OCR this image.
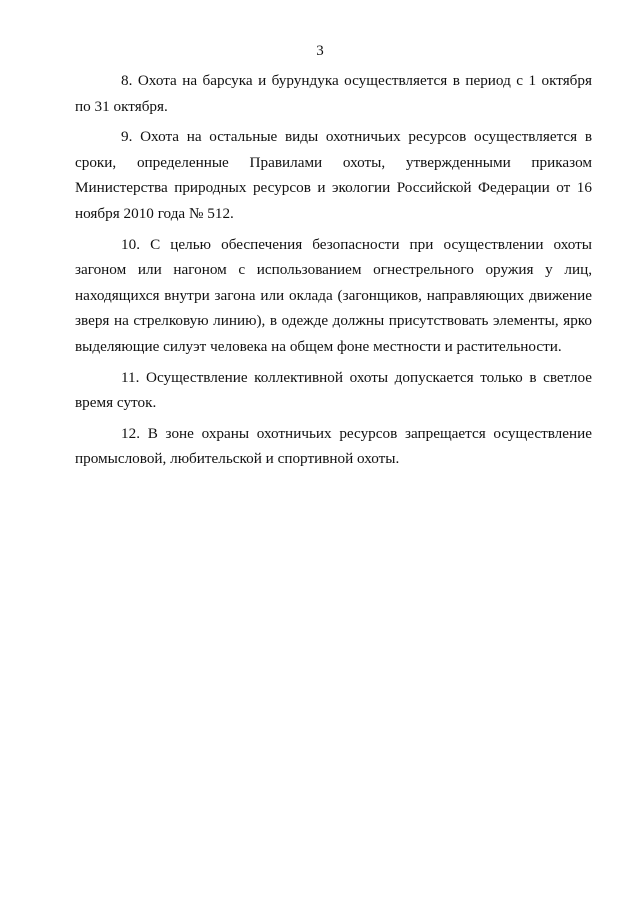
3

8. Охота на барсука и бурундука осуществляется в период с 1 октября по 31 октября.

9. Охота на остальные виды охотничьих ресурсов осуществляется в сроки, определенные Правилами охоты, утвержденными приказом Министерства природных ресурсов и экологии Российской Федерации от 16 ноября 2010 года № 512.

10. С целью обеспечения безопасности при осуществлении охоты загоном или нагоном с использованием огнестрельного оружия у лиц, находящихся внутри загона или оклада (загонщиков, направляющих движение зверя на стрелковую линию), в одежде должны присутствовать элементы, ярко выделяющие силуэт человека на общем фоне местности и растительности.

11. Осуществление коллективной охоты допускается только в светлое время суток.

12. В зоне охраны охотничьих ресурсов запрещается осуществление промысловой, любительской и спортивной охоты.
